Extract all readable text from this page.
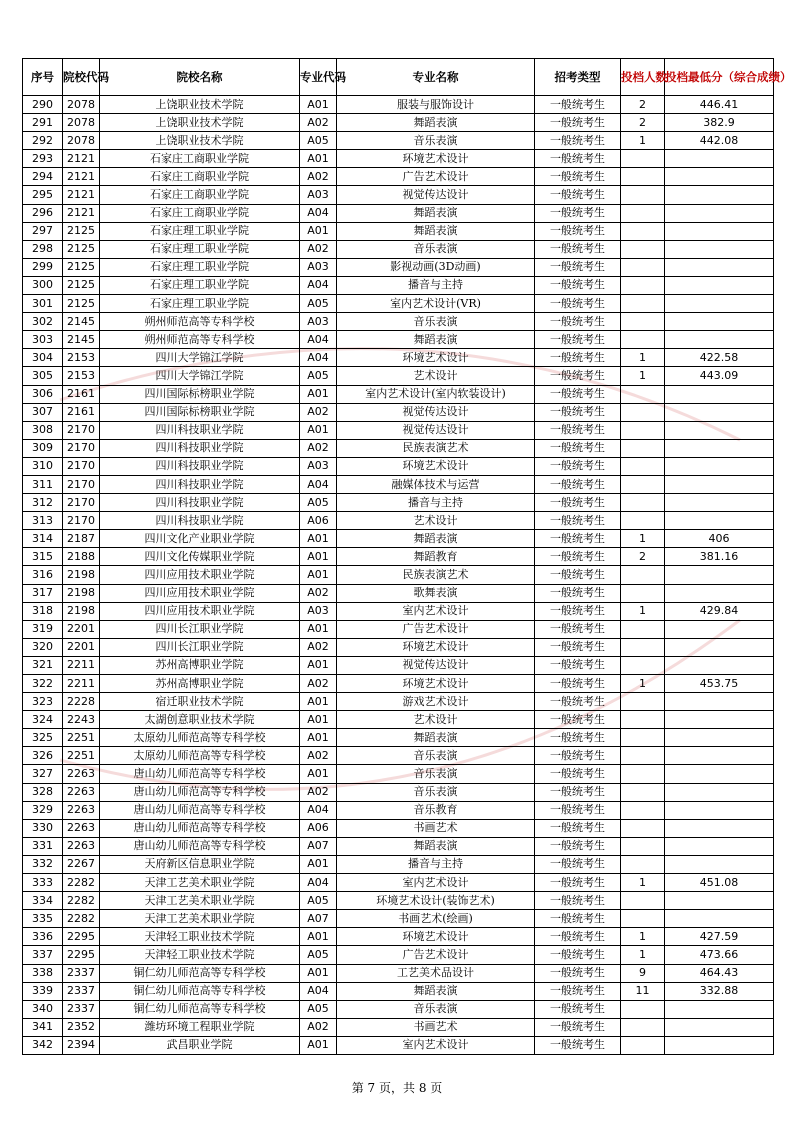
序号	院校代码	院校名称	专业代码	专业名称	招考类型	投档人数	投档最低分（综合成绩）
290	2078	上饶职业技术学院	A01	服装与服饰设计	一般统考生	2	446.41
291	2078	上饶职业技术学院	A02	舞蹈表演	一般统考生	2	382.9
292	2078	上饶职业技术学院	A05	音乐表演	一般统考生	1	442.08
293	2121	石家庄工商职业学院	A01	环境艺术设计	一般统考生		
294	2121	石家庄工商职业学院	A02	广告艺术设计	一般统考生		
295	2121	石家庄工商职业学院	A03	视觉传达设计	一般统考生		
296	2121	石家庄工商职业学院	A04	舞蹈表演	一般统考生		
297	2125	石家庄理工职业学院	A01	舞蹈表演	一般统考生		
298	2125	石家庄理工职业学院	A02	音乐表演	一般统考生		
299	2125	石家庄理工职业学院	A03	影视动画(3D动画)	一般统考生		
300	2125	石家庄理工职业学院	A04	播音与主持	一般统考生		
301	2125	石家庄理工职业学院	A05	室内艺术设计(VR)	一般统考生		
302	2145	朔州师范高等专科学校	A03	音乐表演	一般统考生		
303	2145	朔州师范高等专科学校	A04	舞蹈表演	一般统考生		
304	2153	四川大学锦江学院	A04	环境艺术设计	一般统考生	1	422.58
305	2153	四川大学锦江学院	A05	艺术设计	一般统考生	1	443.09
306	2161	四川国际标榜职业学院	A01	室内艺术设计(室内软装设计)	一般统考生		
307	2161	四川国际标榜职业学院	A02	视觉传达设计	一般统考生		
308	2170	四川科技职业学院	A01	视觉传达设计	一般统考生		
309	2170	四川科技职业学院	A02	民族表演艺术	一般统考生		
310	2170	四川科技职业学院	A03	环境艺术设计	一般统考生		
311	2170	四川科技职业学院	A04	融媒体技术与运营	一般统考生		
312	2170	四川科技职业学院	A05	播音与主持	一般统考生		
313	2170	四川科技职业学院	A06	艺术设计	一般统考生		
314	2187	四川文化产业职业学院	A01	舞蹈表演	一般统考生	1	406
315	2188	四川文化传媒职业学院	A01	舞蹈教育	一般统考生	2	381.16
316	2198	四川应用技术职业学院	A01	民族表演艺术	一般统考生		
317	2198	四川应用技术职业学院	A02	歌舞表演	一般统考生		
318	2198	四川应用技术职业学院	A03	室内艺术设计	一般统考生	1	429.84
319	2201	四川长江职业学院	A01	广告艺术设计	一般统考生		
320	2201	四川长江职业学院	A02	环境艺术设计	一般统考生		
321	2211	苏州高博职业学院	A01	视觉传达设计	一般统考生		
322	2211	苏州高博职业学院	A02	环境艺术设计	一般统考生	1	453.75
323	2228	宿迁职业技术学院	A01	游戏艺术设计	一般统考生		
324	2243	太湖创意职业技术学院	A01	艺术设计	一般统考生		
325	2251	太原幼儿师范高等专科学校	A01	舞蹈表演	一般统考生		
326	2251	太原幼儿师范高等专科学校	A02	音乐表演	一般统考生		
327	2263	唐山幼儿师范高等专科学校	A01	音乐表演	一般统考生		
328	2263	唐山幼儿师范高等专科学校	A02	音乐表演	一般统考生		
329	2263	唐山幼儿师范高等专科学校	A04	音乐教育	一般统考生		
330	2263	唐山幼儿师范高等专科学校	A06	书画艺术	一般统考生		
331	2263	唐山幼儿师范高等专科学校	A07	舞蹈表演	一般统考生		
332	2267	天府新区信息职业学院	A01	播音与主持	一般统考生		
333	2282	天津工艺美术职业学院	A04	室内艺术设计	一般统考生	1	451.08
334	2282	天津工艺美术职业学院	A05	环境艺术设计(装饰艺术)	一般统考生		
335	2282	天津工艺美术职业学院	A07	书画艺术(绘画)	一般统考生		
336	2295	天津轻工职业技术学院	A01	环境艺术设计	一般统考生	1	427.59
337	2295	天津轻工职业技术学院	A05	广告艺术设计	一般统考生	1	473.66
338	2337	铜仁幼儿师范高等专科学校	A01	工艺美术品设计	一般统考生	9	464.43
339	2337	铜仁幼儿师范高等专科学校	A04	舞蹈表演	一般统考生	11	332.88
340	2337	铜仁幼儿师范高等专科学校	A05	音乐表演	一般统考生		
341	2352	潍坊环境工程职业学院	A02	书画艺术	一般统考生		
342	2394	武昌职业学院	A01	室内艺术设计	一般统考生		
第 7 页，共 8 页
